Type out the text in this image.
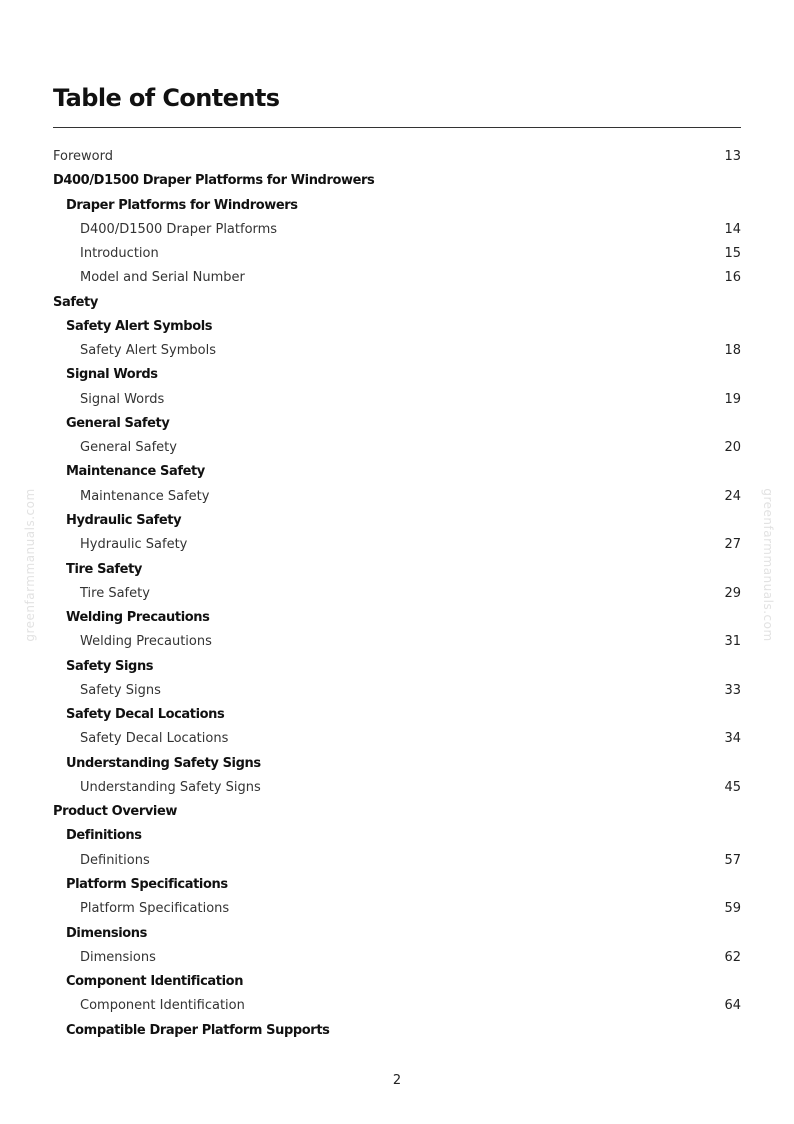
Table of Contents
Foreword	13
D400/D1500 Draper Platforms for Windrowers
Draper Platforms for Windrowers
D400/D1500 Draper Platforms	14
Introduction	15
Model and Serial Number	16
Safety
Safety Alert Symbols
Safety Alert Symbols	18
Signal Words
Signal Words	19
General Safety
General Safety	20
Maintenance Safety
Maintenance Safety	24
Hydraulic Safety
Hydraulic Safety	27
Tire Safety
Tire Safety	29
Welding Precautions
Welding Precautions	31
Safety Signs
Safety Signs	33
Safety Decal Locations
Safety Decal Locations	34
Understanding Safety Signs
Understanding Safety Signs	45
Product Overview
Definitions
Definitions	57
Platform Specifications
Platform Specifications	59
Dimensions
Dimensions	62
Component Identification
Component Identification	64
Compatible Draper Platform Supports
greenfarmmanuals.com	greenfarmmanuals.com
2
